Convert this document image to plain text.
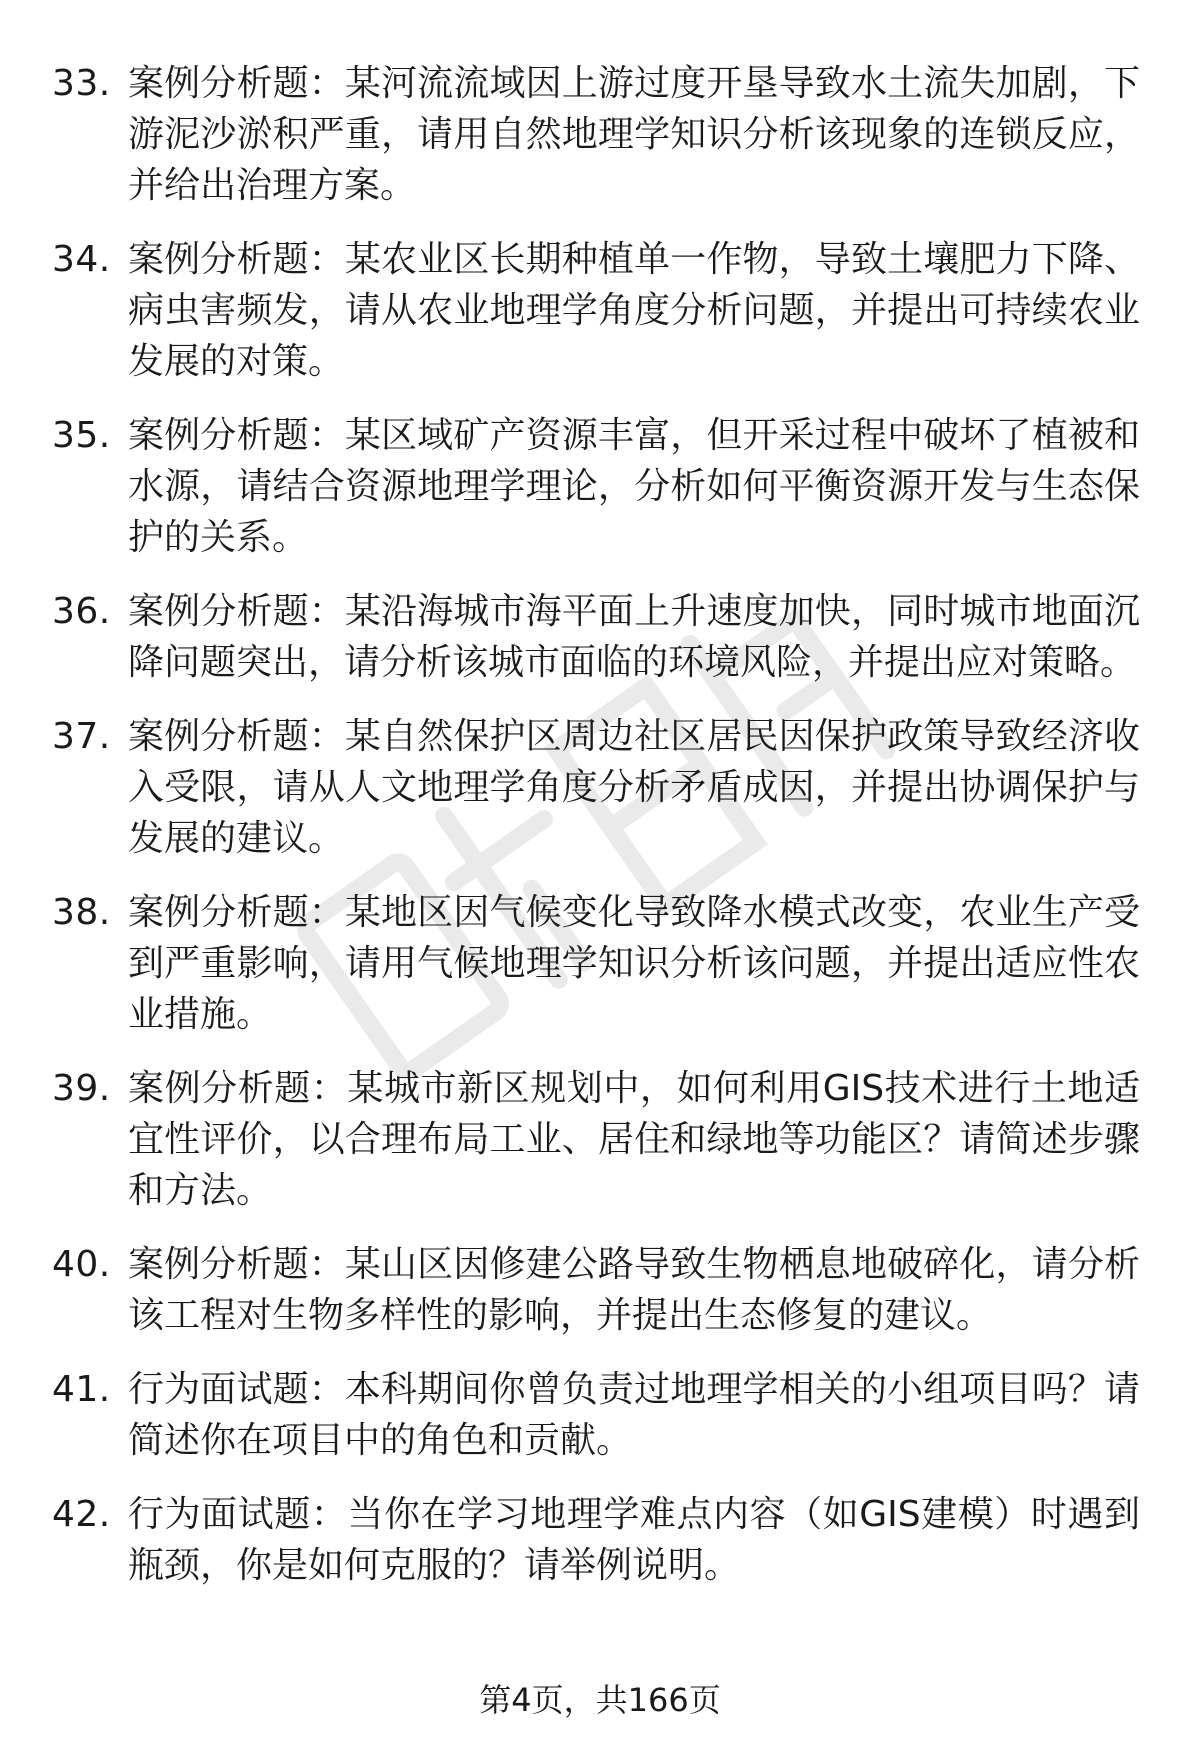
33. 案例分析题：某河流流域因上游过度开垦导致水土流失加剧，下游泥沙淤积严重，请用自然地理学知识分析该现象的连锁反应，并给出治理方案。
34. 案例分析题：某农业区长期种植单一作物，导致土壤肥力下降、病虫害频发，请从农业地理学角度分析问题，并提出可持续农业发展的对策。
35. 案例分析题：某区域矿产资源丰富，但开采过程中破坏了植被和水源，请结合资源地理学理论，分析如何平衡资源开发与生态保护的关系。
36. 案例分析题：某沿海城市海平面上升速度加快，同时城市地面沉降问题突出，请分析该城市面临的环境风险，并提出应对策略。
37. 案例分析题：某自然保护区周边社区居民因保护政策导致经济收入受限，请从人文地理学角度分析矛盾成因，并提出协调保护与发展的建议。
38. 案例分析题：某地区因气候变化导致降水模式改变，农业生产受到严重影响，请用气候地理学知识分析该问题，并提出适应性农业措施。
39. 案例分析题：某城市新区规划中，如何利用GIS技术进行土地适宜性评价，以合理布局工业、居住和绿地等功能区？请简述步骤和方法。
40. 案例分析题：某山区因修建公路导致生物栖息地破碎化，请分析该工程对生物多样性的影响，并提出生态修复的建议。
41. 行为面试题：本科期间你曾负责过地理学相关的小组项目吗？请简述你在项目中的角色和贡献。
42. 行为面试题：当你在学习地理学难点内容（如GIS建模）时遇到瓶颈，你是如何克服的？请举例说明。
第4页，共166页
